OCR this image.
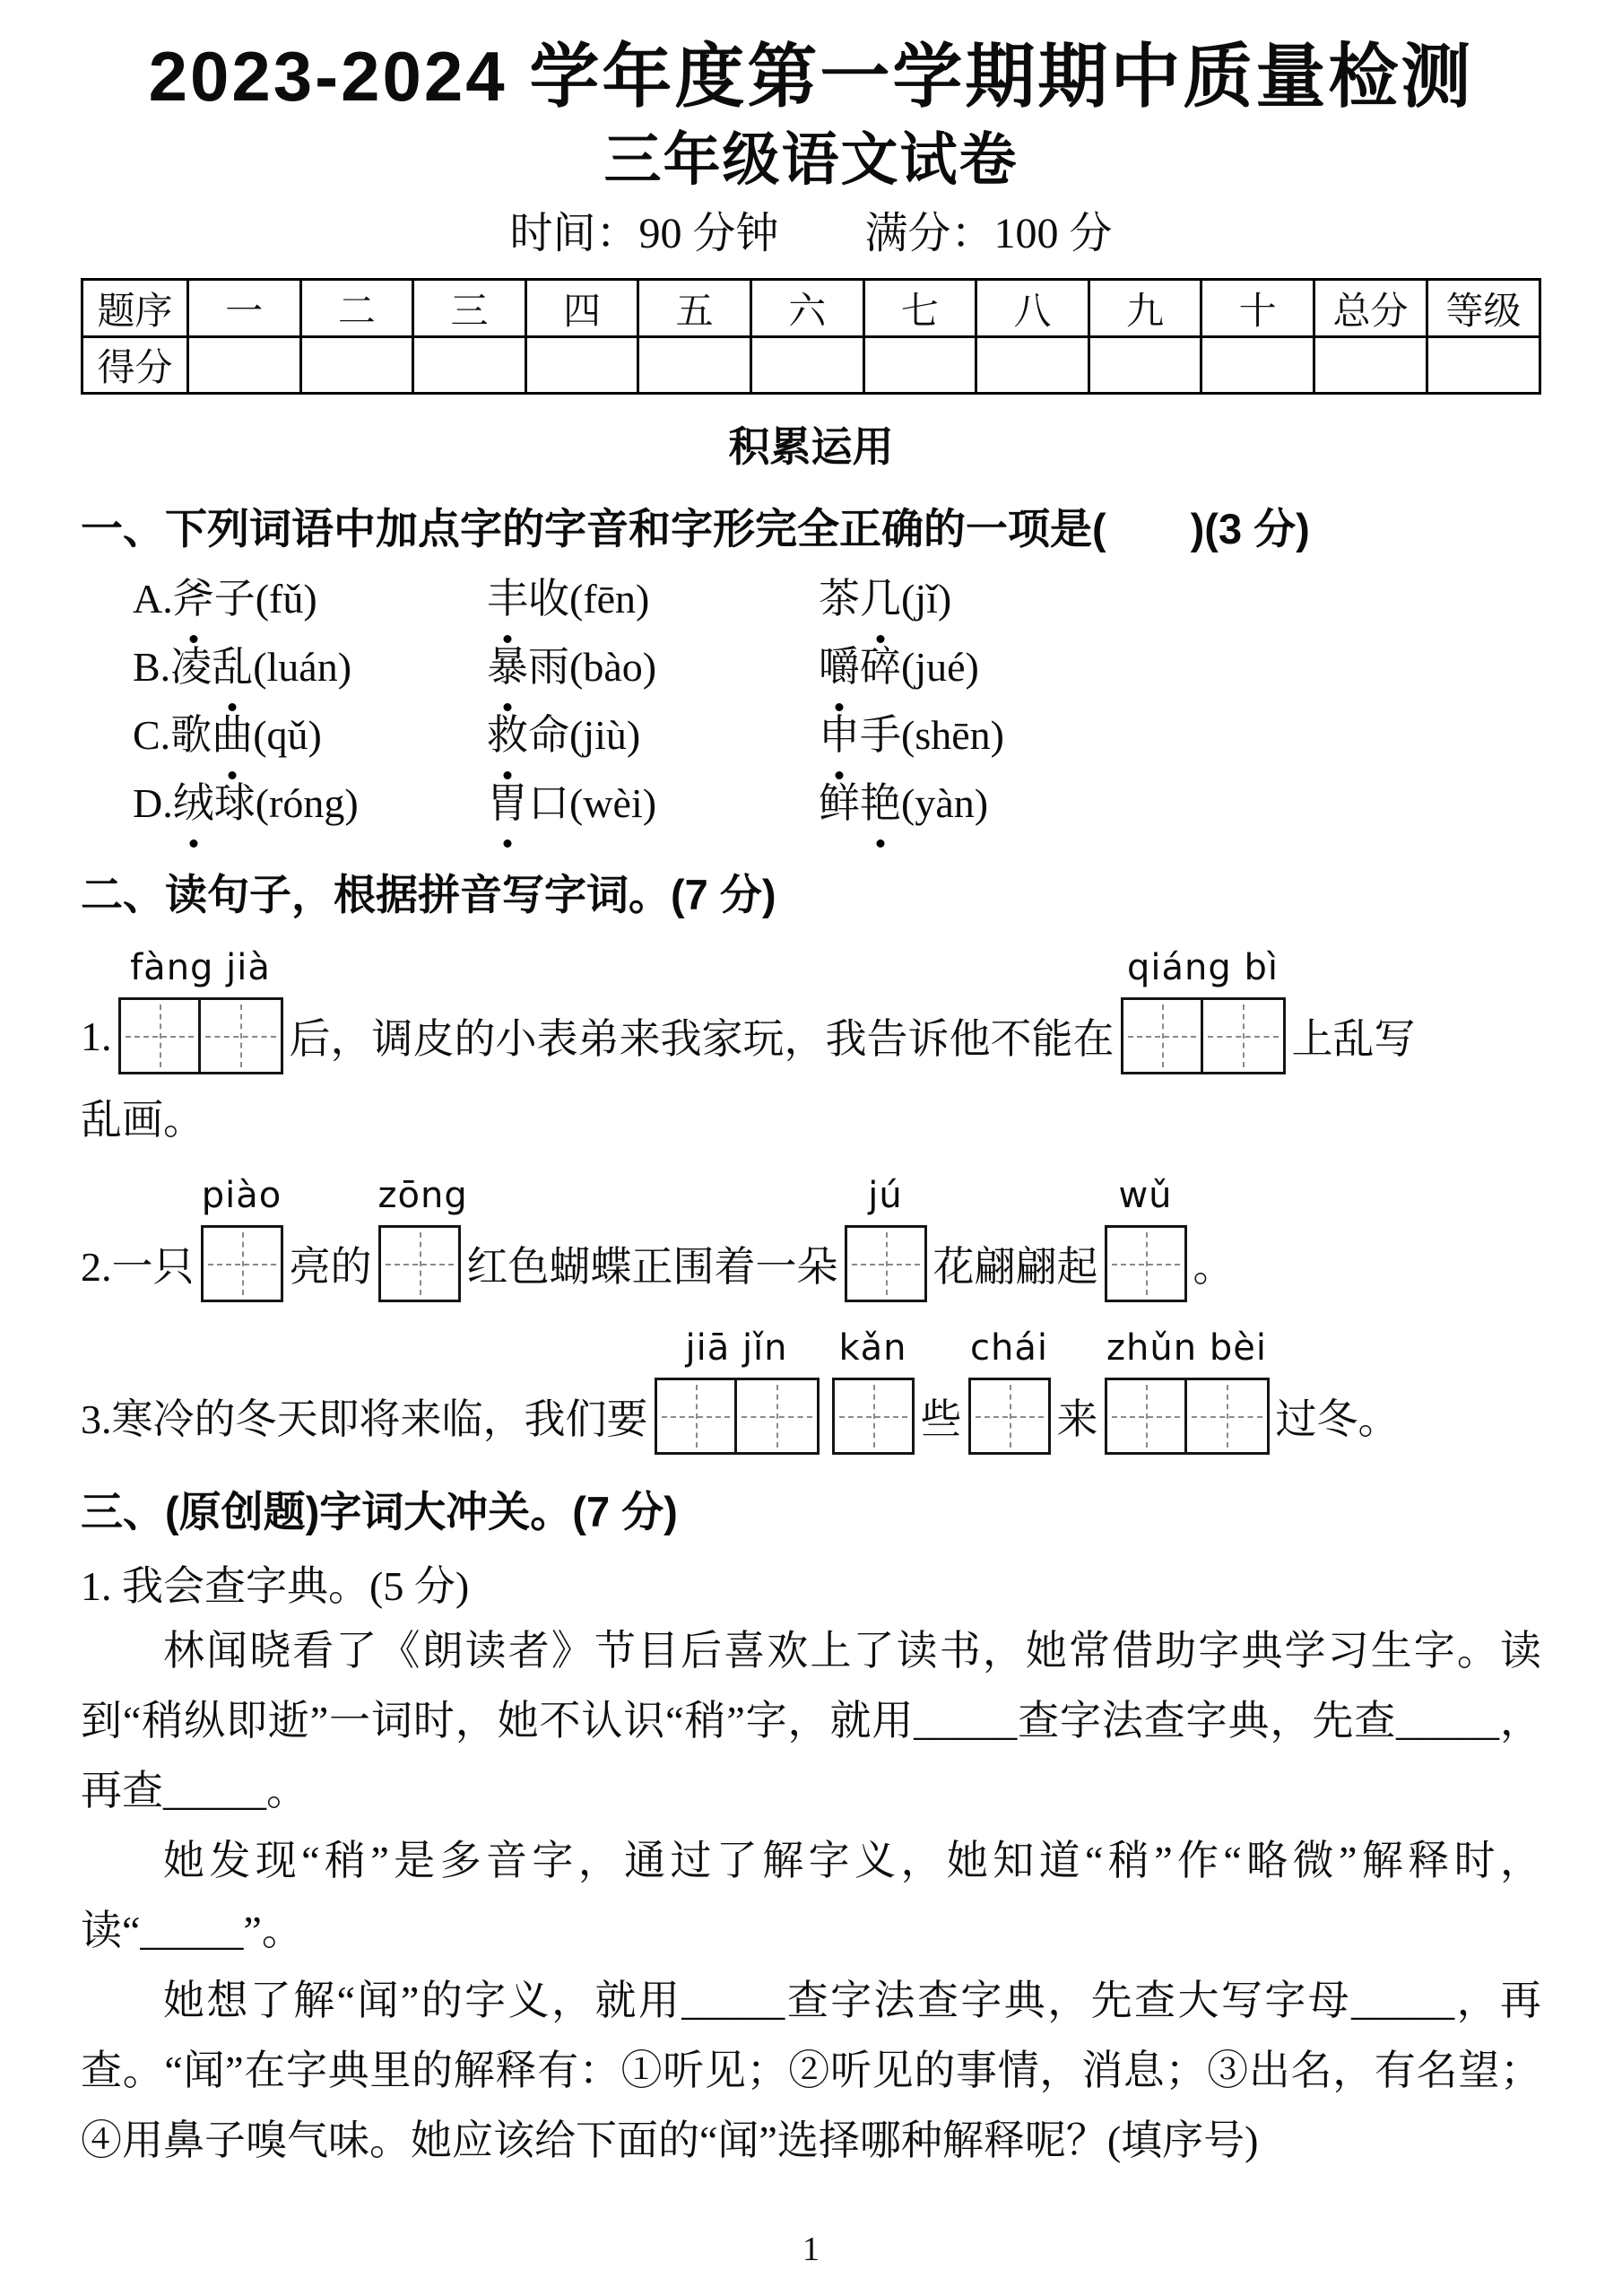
2023-2024 学年度第一学期期中质量检测
三年级语文试卷
时间：90 分钟　　满分：100 分
题序	一	二	三	四	五	六	七	八	九	十	总分	等级
得分												
积累运用
一、下列词语中加点字的字音和字形完全正确的一项是(　　)(3 分)
A.斧子(fǔ)	丰收(fēn)	茶几(jǐ)
B.凌乱(luán)	暴雨(bào)	嚼碎(jué)
C.歌曲(qǔ)	救命(jiù)	申手(shēn)
D.绒球(róng)	胃口(wèi)	鲜艳(yàn)
二、读句子，根据拼音写字词。(7 分)
1.
fàng jià
后，调皮的小表弟来我家玩，我告诉他不能在
qiáng bì
上乱写
乱画。
2.一只
piào
亮的
zōng
红色蝴蝶正围着一朵
jú
花翩翩起
wǔ
。
3.寒冷的冬天即将来临，我们要
jiā jǐn	kǎn
些
chái
来
zhǔn bèi
过冬。
三、(原创题)字词大冲关。(7 分)
1. 我会查字典。(5 分)

林闻晓看了《朗读者》节目后喜欢上了读书，她常借助字典学习生字。读到“稍纵即逝”一词时，她不认识“稍”字，就用_____查字法查字典，先查_____，再查_____。

她发现“稍”是多音字，通过了解字义，她知道“稍”作“略微”解释时，读“_____”。

她想了解“闻”的字义，就用_____查字法查字典，先查大写字母_____，再查。“闻”在字典里的解释有：①听见；②听见的事情，消息；③出名，有名望；④用鼻子嗅气味。她应该给下面的“闻”选择哪种解释呢？(填序号)

1
